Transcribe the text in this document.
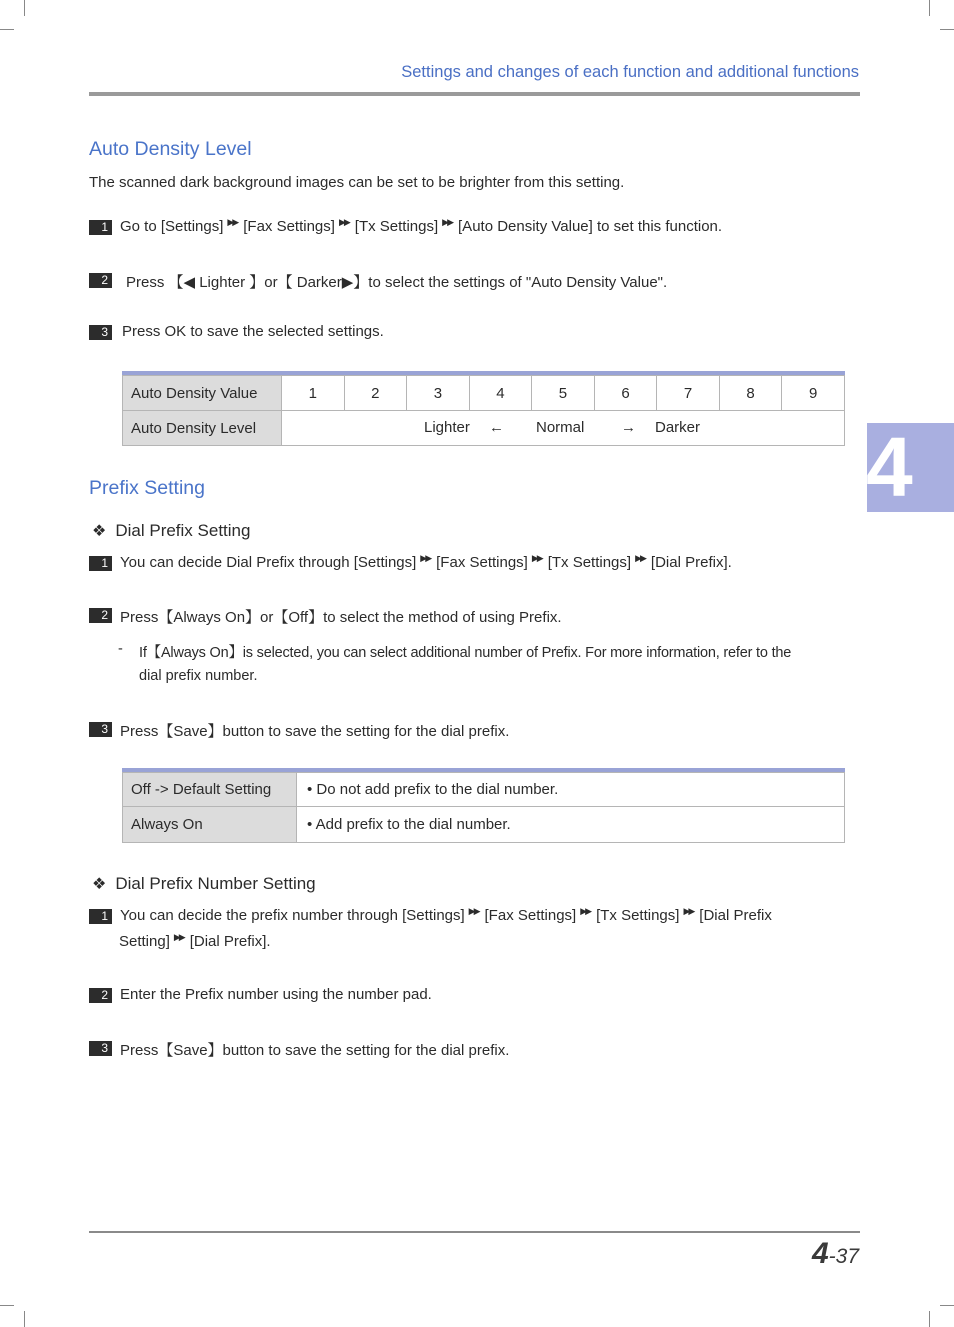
Settings and changes of each function and additional functions
4
Auto Density Level
The scanned dark background images can be set to be brighter from this setting.
1 Go to [Settings] ▶▶ [Fax Settings] ▶▶ [Tx Settings] ▶▶ [Auto Density Value] to set this function.
2 Press 【◀ Lighter 】or【 Darker▶】to select the settings of "Auto Density Value".
3 Press OK to save the selected settings.
Auto Density Value	1	2	3	4	5	6	7	8	9
Auto Density Level	Lighter ← Normal → Darker								
Prefix Setting
❖ Dial Prefix Setting
1 You can decide Dial Prefix through [Settings] ▶▶ [Fax Settings] ▶▶ [Tx Settings] ▶▶ [Dial Prefix].
2 Press【Always On】or【Off】to select the method of using Prefix.
- If【Always On】is selected, you can select additional number of Prefix. For more information, refer to the
dial prefix number.
3 Press【Save】button to save the setting for the dial prefix.
Off -> Default Setting	• Do not add prefix to the dial number.
Always On	• Add prefix to the dial number.
❖ Dial Prefix Number Setting
1 You can decide the prefix number through [Settings] ▶▶ [Fax Settings] ▶▶ [Tx Settings] ▶▶ [Dial Prefix
Setting] ▶▶ [Dial Prefix].
2 Enter the Prefix number using the number pad.
3 Press【Save】button to save the setting for the dial prefix.
4-37
